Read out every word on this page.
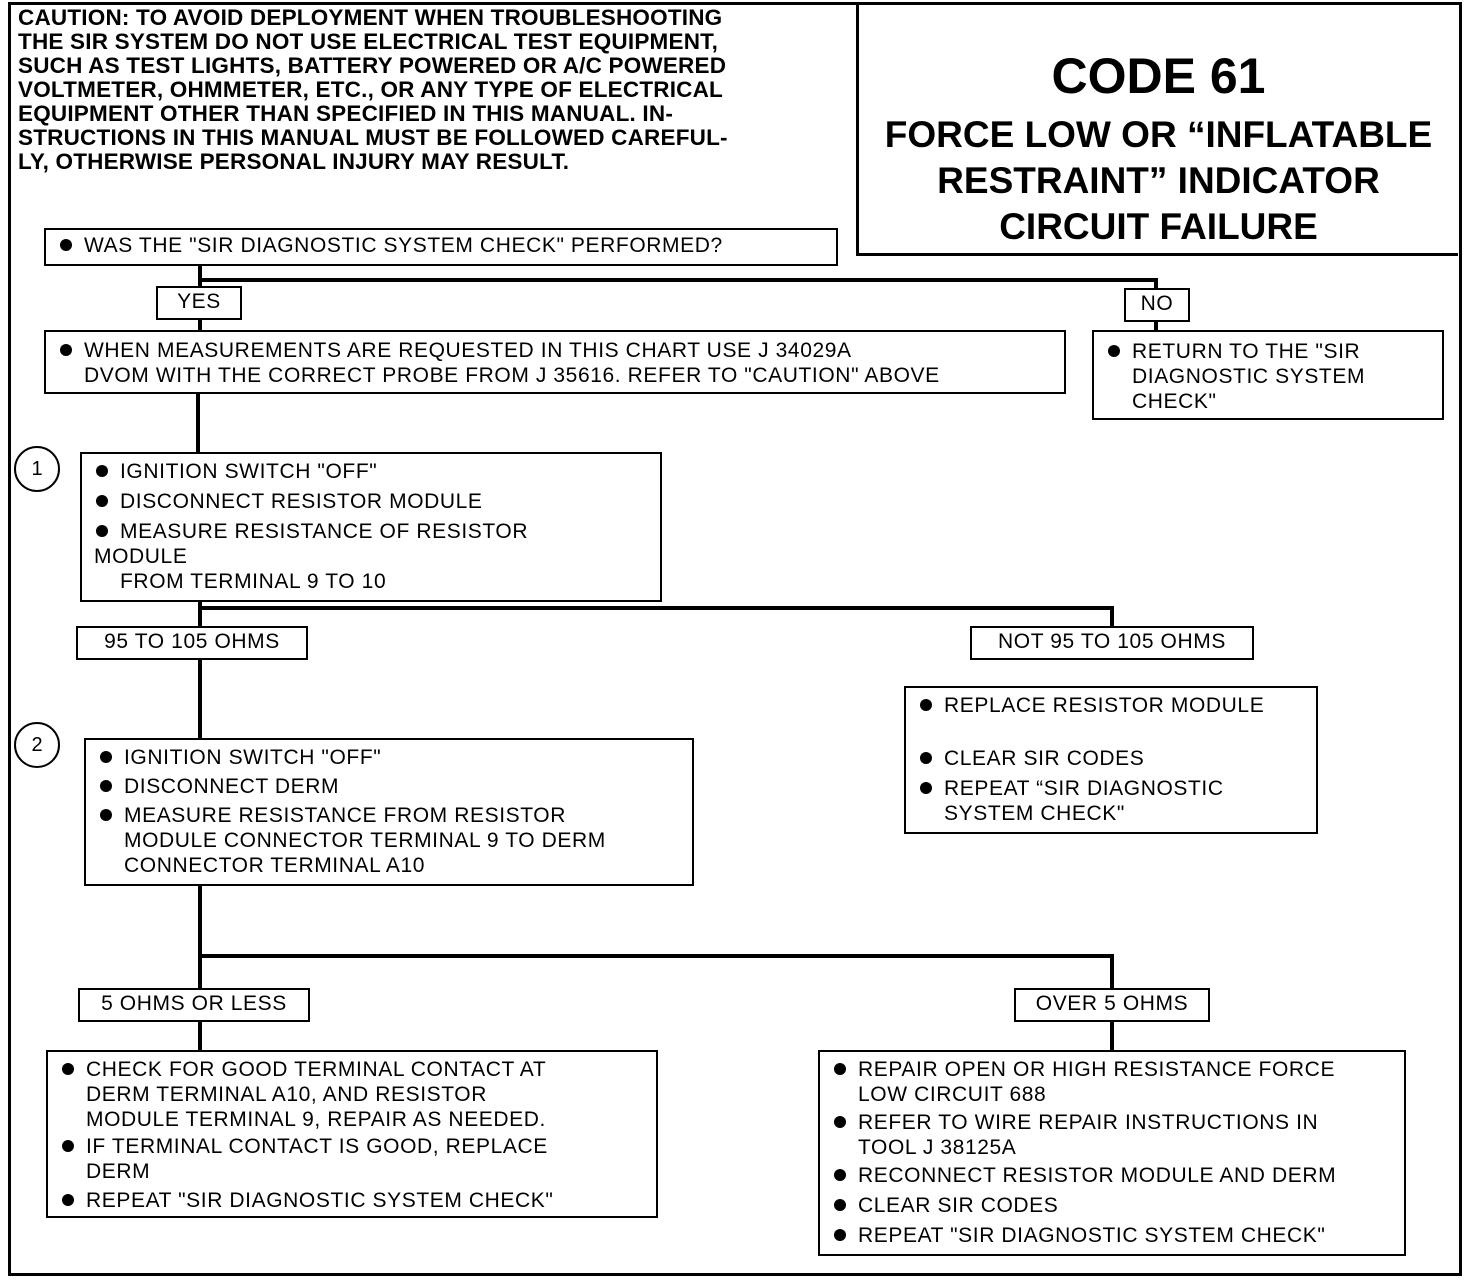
CAUTION: TO AVOID DEPLOYMENT WHEN TROUBLESHOOTING
THE SIR SYSTEM DO NOT USE ELECTRICAL TEST EQUIPMENT,
SUCH AS TEST LIGHTS, BATTERY POWERED OR A/C POWERED
VOLTMETER, OHMMETER, ETC., OR ANY TYPE OF ELECTRICAL
EQUIPMENT OTHER THAN SPECIFIED IN THIS MANUAL. IN-
STRUCTIONS IN THIS MANUAL MUST BE FOLLOWED CAREFUL-
LY, OTHERWISE PERSONAL INJURY MAY RESULT.
CODE 61
FORCE LOW OR “INFLATABLE
RESTRAINT” INDICATOR
CIRCUIT FAILURE
WAS THE "SIR DIAGNOSTIC SYSTEM CHECK" PERFORMED?
YES	NO
WHEN MEASUREMENTS ARE REQUESTED IN THIS CHART USE J 34029A
DVOM WITH THE CORRECT PROBE FROM J 35616. REFER TO "CAUTION" ABOVE
RETURN TO THE "SIR
DIAGNOSTIC SYSTEM
CHECK"
1	IGNITION SWITCH "OFF"
DISCONNECT RESISTOR MODULE
MEASURE RESISTANCE OF RESISTOR
MODULE
FROM TERMINAL 9 TO 10
95 TO 105 OHMS	NOT 95 TO 105 OHMS
REPLACE RESISTOR MODULE
CLEAR SIR CODES
REPEAT “SIR DIAGNOSTIC
SYSTEM CHECK"
2
IGNITION SWITCH "OFF"
DISCONNECT DERM
MEASURE RESISTANCE FROM RESISTOR
MODULE CONNECTOR TERMINAL 9 TO DERM
CONNECTOR TERMINAL A10
5 OHMS OR LESS	OVER 5 OHMS
CHECK FOR GOOD TERMINAL CONTACT AT
DERM TERMINAL A10, AND RESISTOR
MODULE TERMINAL 9, REPAIR AS NEEDED.
IF TERMINAL CONTACT IS GOOD, REPLACE
DERM
REPEAT "SIR DIAGNOSTIC SYSTEM CHECK"
REPAIR OPEN OR HIGH RESISTANCE FORCE
LOW CIRCUIT 688
REFER TO WIRE REPAIR INSTRUCTIONS IN
TOOL J 38125A
RECONNECT RESISTOR MODULE AND DERM
CLEAR SIR CODES
REPEAT "SIR DIAGNOSTIC SYSTEM CHECK"
